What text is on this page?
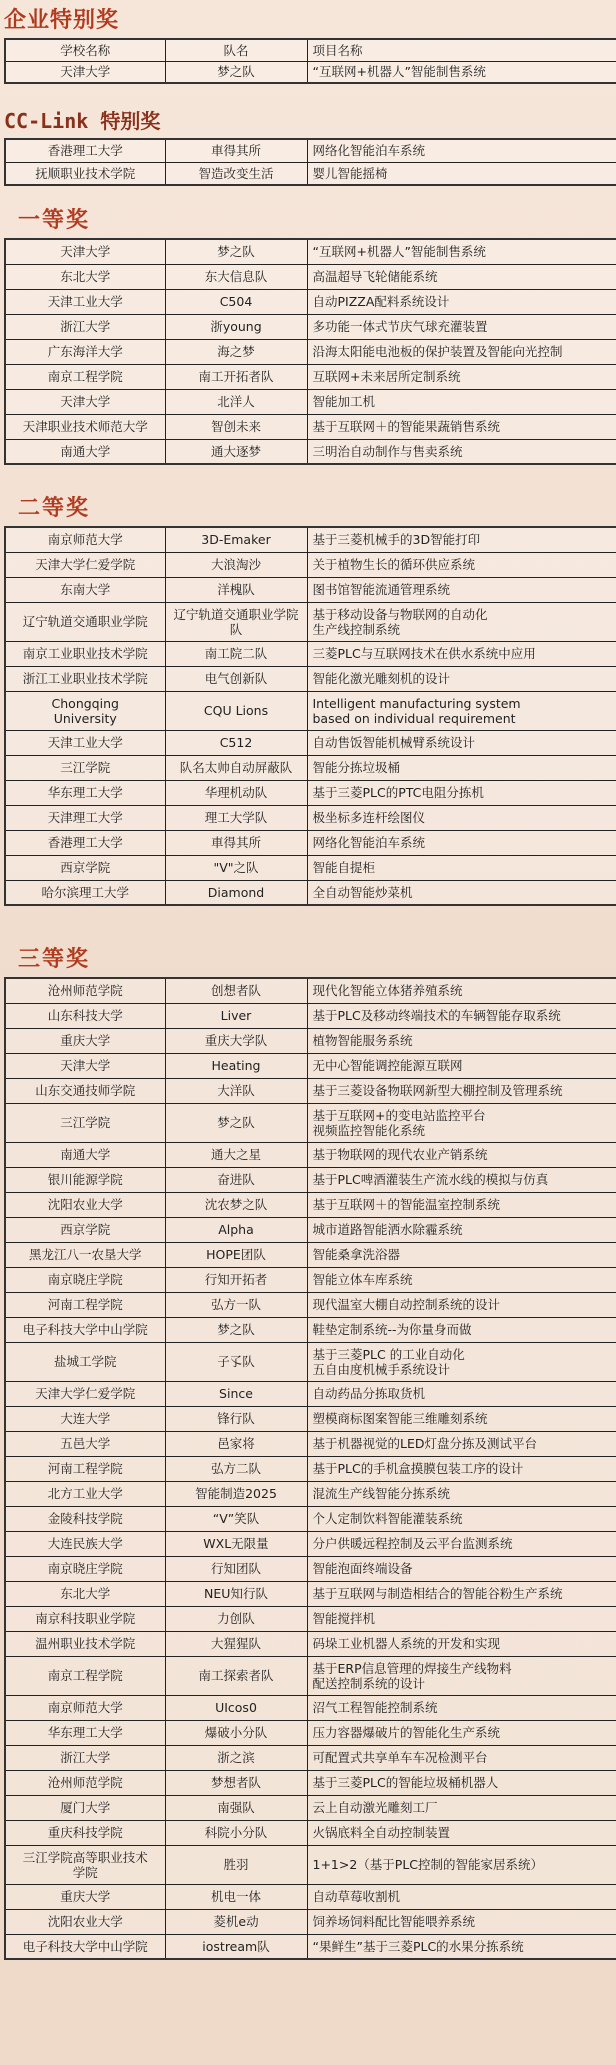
企业特别奖
学校名称	队名	项目名称
天津大学	梦之队	“互联网+机器人”智能制售系统
CC-Link 特别奖
香港理工大学	車得其所	网络化智能泊车系统
抚顺职业技术学院	智造改变生活	婴儿智能摇椅
一等奖
天津大学	梦之队	“互联网+机器人”智能制售系统
东北大学	东大信息队	高温超导飞轮储能系统
天津工业大学	C504	自动PIZZA配料系统设计
浙江大学	浙young	多功能一体式节庆气球充灌装置
广东海洋大学	海之梦	沿海太阳能电池板的保护装置及智能向光控制
南京工程学院	南工开拓者队	互联网+未来居所定制系统
天津大学	北洋人	智能加工机
天津职业技术师范大学	智创未来	基于互联网＋的智能果蔬销售系统
南通大学	通大逐梦	三明治自动制作与售卖系统
二等奖
南京师范大学	3D-Emaker	基于三菱机械手的3D智能打印
天津大学仁爱学院	大浪淘沙	关于植物生长的循环供应系统
东南大学	洋槐队	图书馆智能流通管理系统
辽宁轨道交通职业学院	辽宁轨道交通职业学院队	基于移动设备与物联网的自动化
生产线控制系统
南京工业职业技术学院	南工院二队	三菱PLC与互联网技术在供水系统中应用
浙江工业职业技术学院	电气创新队	智能化激光雕刻机的设计
Chongqing
University	CQU Lions	Intelligent manufacturing system
based on individual requirement
天津工业大学	C512	自动售饭智能机械臂系统设计
三江学院	队名太帅自动屏蔽队	智能分拣垃圾桶
华东理工大学	华理机动队	基于三菱PLC的PTC电阻分拣机
天津理工大学	理工大学队	极坐标多连杆绘图仪
香港理工大学	車得其所	网络化智能泊车系统
西京学院	"V"之队	智能自提柜
哈尔滨理工大学	Diamond	全自动智能炒菜机
三等奖
沧州师范学院	创想者队	现代化智能立体猪养殖系统
山东科技大学	Liver	基于PLC及移动终端技术的车辆智能存取系统
重庆大学	重庆大学队	植物智能服务系统
天津大学	Heating	无中心智能调控能源互联网
山东交通技师学院	大洋队	基于三菱设备物联网新型大棚控制及管理系统
三江学院	梦之队	基于互联网+的变电站监控平台
视频监控智能化系统
南通大学	通大之星	基于物联网的现代农业产销系统
银川能源学院	奋进队	基于PLC啤酒灌装生产流水线的模拟与仿真
沈阳农业大学	沈农梦之队	基于互联网＋的智能温室控制系统
西京学院	Alpha	城市道路智能洒水除霾系统
黑龙江八一农垦大学	HOPE团队	智能桑拿洗浴器
南京晓庄学院	行知开拓者	智能立体车库系统
河南工程学院	弘方一队	现代温室大棚自动控制系统的设计
电子科技大学中山学院	梦之队	鞋垫定制系统--为你量身而做
盐城工学院	子孓队	基于三菱PLC 的工业自动化
五自由度机械手系统设计
天津大学仁爱学院	Since	自动药品分拣取货机
大连大学	锋行队	塑模商标图案智能三维雕刻系统
五邑大学	邑家将	基于机器视觉的LED灯盘分拣及测试平台
河南工程学院	弘方二队	基于PLC的手机盒摸膜包装工序的设计
北方工业大学	智能制造2025	混流生产线智能分拣系统
金陵科技学院	“V”笑队	个人定制饮料智能灌装系统
大连民族大学	WXL无限量	分户供暖远程控制及云平台监测系统
南京晓庄学院	行知团队	智能泡面终端设备
东北大学	NEU知行队	基于互联网与制造相结合的智能谷粉生产系统
南京科技职业学院	力创队	智能搅拌机
温州职业技术学院	大猩猩队	码垛工业机器人系统的开发和实现
南京工程学院	南工探索者队	基于ERP信息管理的焊接生产线物料
配送控制系统的设计
南京师范大学	UIcos0	沼气工程智能控制系统
华东理工大学	爆破小分队	压力容器爆破片的智能化生产系统
浙江大学	浙之滨	可配置式共享单车车况检测平台
沧州师范学院	梦想者队	基于三菱PLC的智能垃圾桶机器人
厦门大学	南强队	云上自动激光雕刻工厂
重庆科技学院	科院小分队	火锅底料全自动控制装置
三江学院高等职业技术
学院	胜羽	1+1>2（基于PLC控制的智能家居系统）
重庆大学	机电一体	自动草莓收割机
沈阳农业大学	菱机e动	饲养场饲料配比智能喂养系统
电子科技大学中山学院	iostream队	“果鲜生”基于三菱PLC的水果分拣系统
